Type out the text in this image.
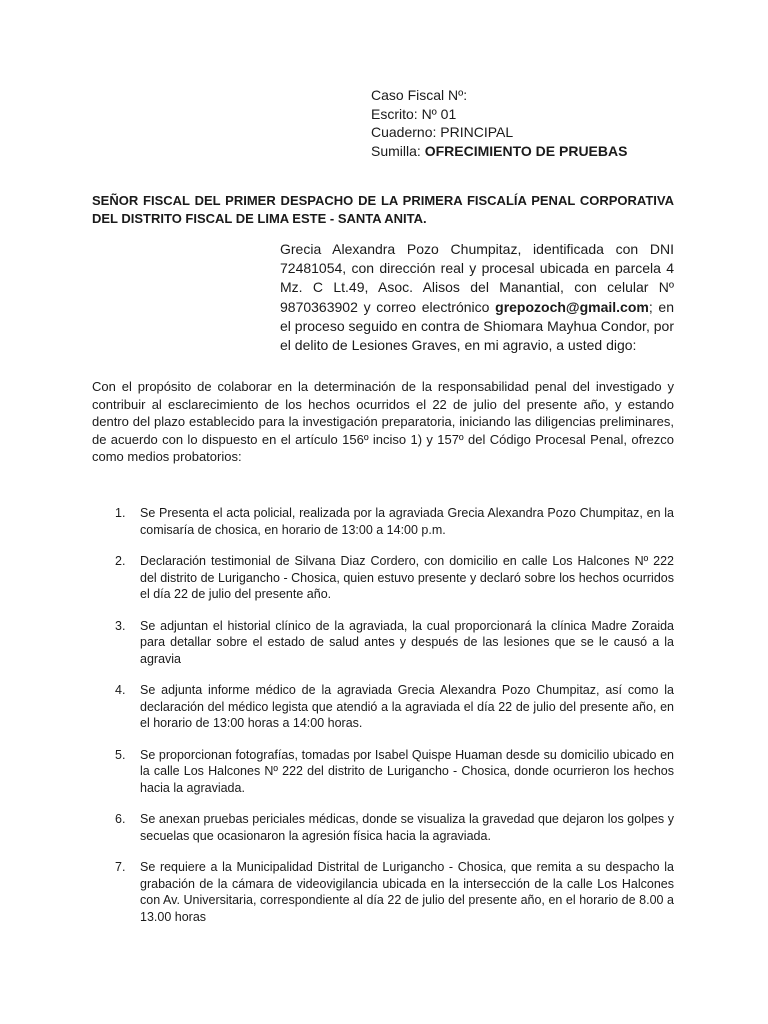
Caso Fiscal Nº:
Escrito: Nº 01
Cuaderno: PRINCIPAL
Sumilla: OFRECIMIENTO DE PRUEBAS
SEÑOR FISCAL DEL PRIMER DESPACHO DE LA PRIMERA FISCALÍA PENAL CORPORATIVA DEL DISTRITO FISCAL DE LIMA ESTE - SANTA ANITA.
Grecia Alexandra Pozo Chumpitaz, identificada con DNI 72481054, con dirección real y procesal ubicada en parcela 4 Mz. C Lt.49, Asoc. Alisos del Manantial, con celular Nº 9870363902 y correo electrónico grepozoch@gmail.com; en el proceso seguido en contra de Shiomara Mayhua Condor, por el delito de Lesiones Graves, en mi agravio, a usted digo:
Con el propósito de colaborar en la determinación de la responsabilidad penal del investigado y contribuir al esclarecimiento de los hechos ocurridos el 22 de julio del presente año, y estando dentro del plazo establecido para la investigación preparatoria, iniciando las diligencias preliminares, de acuerdo con lo dispuesto en el artículo 156º inciso 1) y 157º del Código Procesal Penal, ofrezco como medios probatorios:
1. Se Presenta el acta policial, realizada por la agraviada Grecia Alexandra Pozo Chumpitaz, en la comisaría de chosica, en horario de 13:00 a 14:00 p.m.
2. Declaración testimonial de Silvana Diaz Cordero, con domicilio en calle Los Halcones Nº 222 del distrito de Lurigancho - Chosica, quien estuvo presente y declaró sobre los hechos ocurridos el día 22 de julio del presente año.
3. Se adjuntan el historial clínico de la agraviada, la cual proporcionará la clínica Madre Zoraida para detallar sobre el estado de salud antes y después de las lesiones que se le causó a la agravia
4. Se adjunta informe médico de la agraviada Grecia Alexandra Pozo Chumpitaz, así como la declaración del médico legista que atendió a la agraviada el día 22 de julio del presente año, en el horario de 13:00 horas a 14:00 horas.
5. Se proporcionan fotografías, tomadas por Isabel Quispe Huaman desde su domicilio ubicado en la calle Los Halcones Nº 222 del distrito de Lurigancho - Chosica, donde ocurrieron los hechos hacia la agraviada.
6. Se anexan pruebas periciales médicas, donde se visualiza la gravedad que dejaron los golpes y secuelas que ocasionaron la agresión física hacia la agraviada.
7. Se requiere a la Municipalidad Distrital de Lurigancho - Chosica, que remita a su despacho la grabación de la cámara de videovigilancia ubicada en la intersección de la calle Los Halcones con Av. Universitaria, correspondiente al día 22 de julio del presente año, en el horario de 8.00 a 13.00 horas
